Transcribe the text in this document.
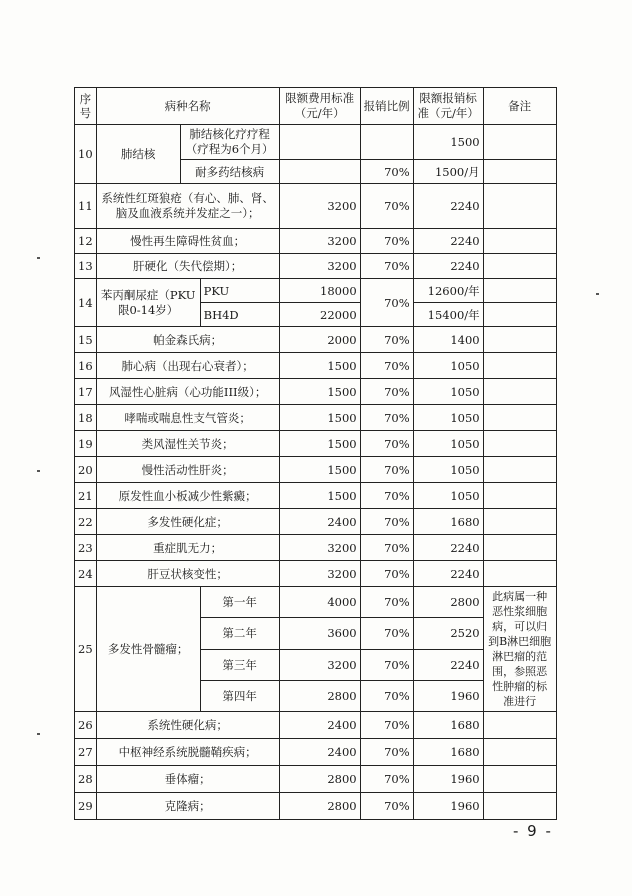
序 号	病种名称			限额费用标准（元/年）	报销比例	限额报销标准（元/年）	备注
10	肺结核	肺结核化疗疗程（疗程为6个月）				1500	
		耐多药结核病			70%	1500/月	
11	系统性红斑狼疮（有心、肺、肾、脑及血液系统并发症之一）；			3200	70%	2240	
12	慢性再生障碍性贫血；			3200	70%	2240	
13	肝硬化（失代偿期）；			3200	70%	2240	
14	苯丙酮尿症（PKU限0-14岁）		PKU	18000	70%	12600/年	
			BH4D	22000		15400/年	
15	帕金森氏病；			2000	70%	1400	
16	肺心病（出现右心衰者）；			1500	70%	1050	
17	风湿性心脏病（心功能III级）；			1500	70%	1050	
18	哮喘或喘息性支气管炎；			1500	70%	1050	
19	类风湿性关节炎；			1500	70%	1050	
20	慢性活动性肝炎；			1500	70%	1050	
21	原发性血小板减少性紫癜；			1500	70%	1050	
22	多发性硬化症；			2400	70%	1680	
23	重症肌无力；			3200	70%	2240	
24	肝豆状核变性；			3200	70%	2240	
25	多发性骨髓瘤；		第一年	4000	70%	2800	此病属一种恶性浆细胞病，可以归到B淋巴细胞淋巴瘤的范围，参照恶性肿瘤的标准进行
			第二年	3600	70%	2520	
			第三年	3200	70%	2240	
			第四年	2800	70%	1960	
26	系统性硬化病；			2400	70%	1680	
27	中枢神经系统脱髓鞘疾病；			2400	70%	1680	
28	垂体瘤；			2800	70%	1960	
29	克隆病；			2800	70%	1960	
- 9 -
